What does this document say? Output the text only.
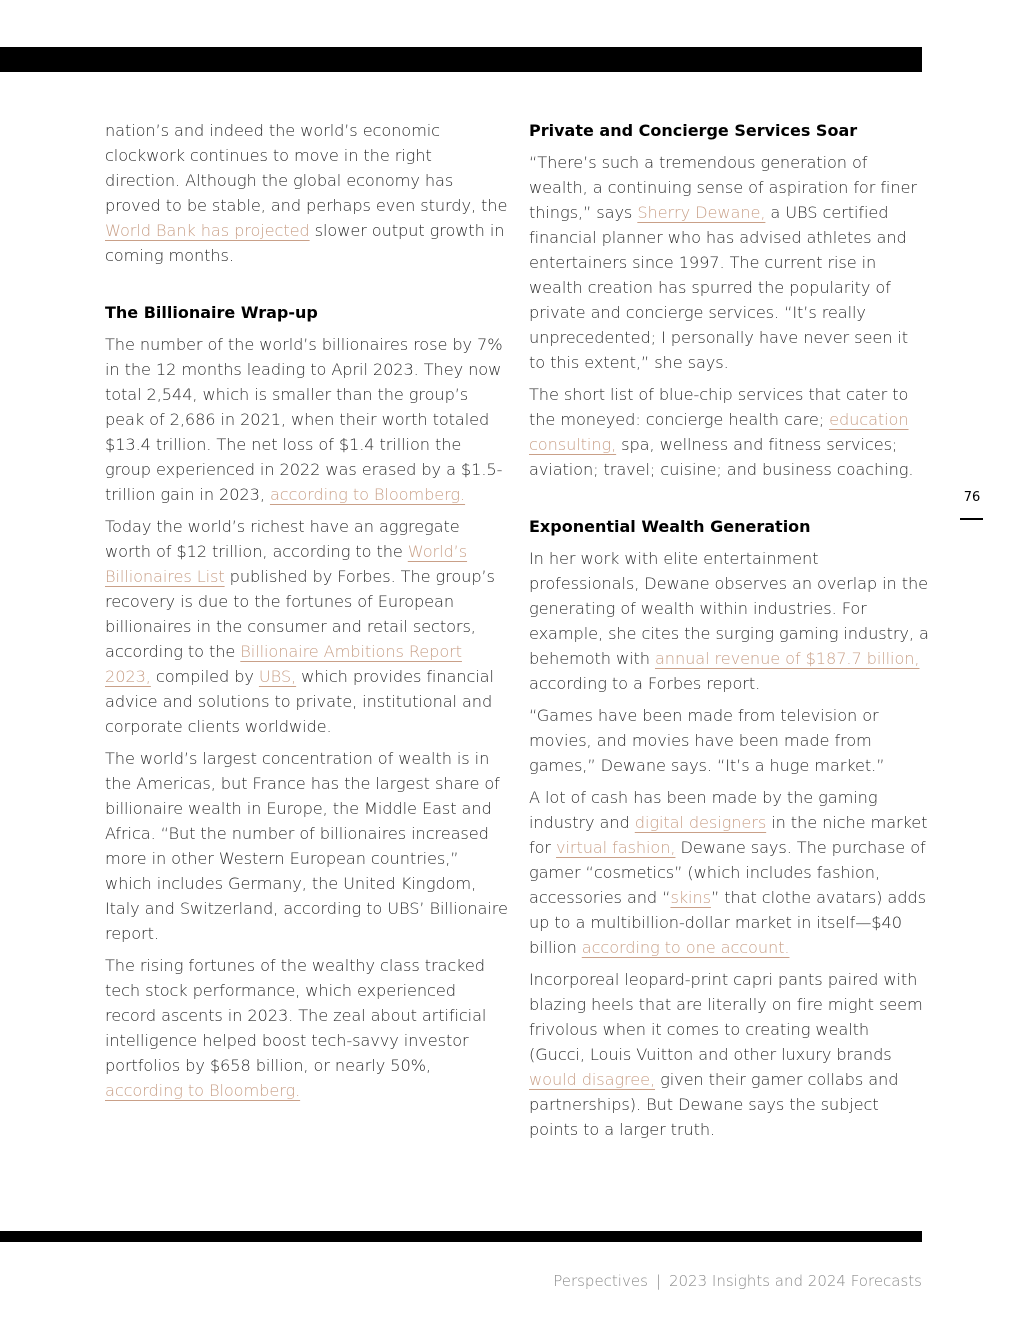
nation’s and indeed the world’s economic clockwork continues to move in the right direction. Although the global economy has proved to be stable, and perhaps even sturdy, the World Bank has projected slower output growth in coming months.

The Billionaire Wrap-up

The number of the world’s billionaires rose by 7% in the 12 months leading to April 2023. They now total 2,544, which is smaller than the group’s peak of 2,686 in 2021, when their worth totaled $13.4 trillion. The net loss of $1.4 trillion the group experienced in 2022 was erased by a $1.5-trillion gain in 2023, according to Bloomberg.

Today the world’s richest have an aggregate worth of $12 trillion, according to the World’s Billionaires List published by Forbes. The group’s recovery is due to the fortunes of European billionaires in the consumer and retail sectors, according to the Billionaire Ambitions Report 2023, compiled by UBS, which provides financial advice and solutions to private, institutional and corporate clients worldwide.

The world’s largest concentration of wealth is in the Americas, but France has the largest share of billionaire wealth in Europe, the Middle East and Africa. “But the number of billionaires increased more in other Western European countries,” which includes Germany, the United Kingdom, Italy and Switzerland, according to UBS’ Billionaire report.

The rising fortunes of the wealthy class tracked tech stock performance, which experienced record ascents in 2023. The zeal about artificial intelligence helped boost tech-savvy investor portfolios by $658 billion, or nearly 50%, according to Bloomberg.

Private and Concierge Services Soar

“There’s such a tremendous generation of wealth, a continuing sense of aspiration for finer things,” says Sherry Dewane, a UBS certified financial planner who has advised athletes and entertainers since 1997. The current rise in wealth creation has spurred the popularity of private and concierge services. “It’s really unprecedented; I personally have never seen it to this extent,” she says.

The short list of blue-chip services that cater to the moneyed: concierge health care; education consulting, spa, wellness and fitness services; aviation; travel; cuisine; and business coaching.

Exponential Wealth Generation

In her work with elite entertainment professionals, Dewane observes an overlap in the generating of wealth within industries. For example, she cites the surging gaming industry, a behemoth with annual revenue of $187.7 billion, according to a Forbes report.

“Games have been made from television or movies, and movies have been made from games,” Dewane says. “It’s a huge market.”

A lot of cash has been made by the gaming industry and digital designers in the niche market for virtual fashion, Dewane says. The purchase of gamer “cosmetics” (which includes fashion, accessories and “skins” that clothe avatars) adds up to a multibillion-dollar market in itself—$40 billion according to one account.

Incorporeal leopard-print capri pants paired with blazing heels that are literally on fire might seem frivolous when it comes to creating wealth (Gucci, Louis Vuitton and other luxury brands would disagree, given their gamer collabs and partnerships). But Dewane says the subject points to a larger truth.

76
Perspectives | 2023 Insights and 2024 Forecasts
